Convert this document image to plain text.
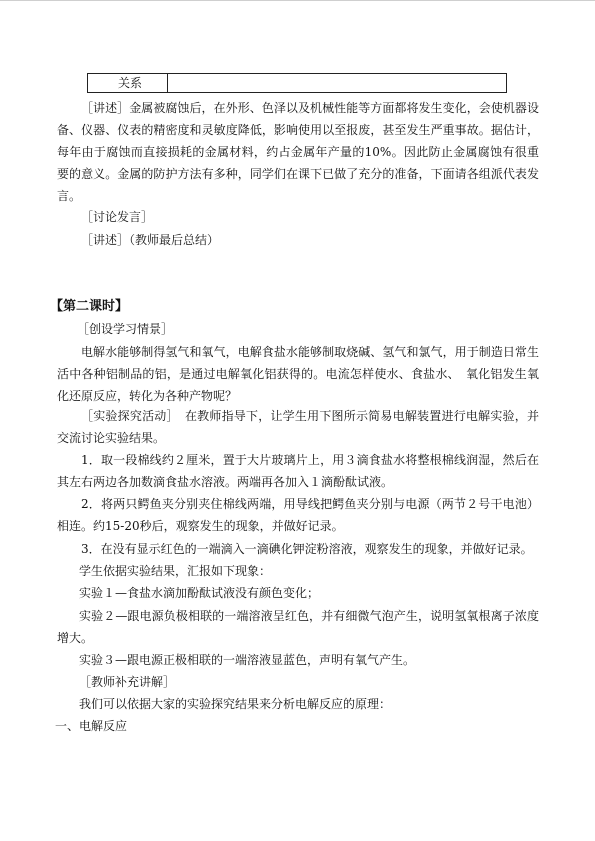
关系

［讲述］金属被腐蚀后，在外形、色泽以及机械性能等方面都将发生变化，会使机器设备、仪器、仪表的精密度和灵敏度降低，影响使用以至报废，甚至发生严重事故。据估计，每年由于腐蚀而直接损耗的金属材料，约占金属年产量的10%。因此防止金属腐蚀有很重要的意义。金属的防护方法有多种，同学们在课下已做了充分的准备，下面请各组派代表发言。

［讨论发言］

［讲述］（教师最后总结）

【第二课时】

［创设学习情景］

电解水能够制得氢气和氧气，电解食盐水能够制取烧碱、氢气和氯气，用于制造日常生活中各种铝制品的铝，是通过电解氧化铝获得的。电流怎样使水、食盐水、　氧化铝发生氧化还原反应，转化为各种产物呢？

［实验探究活动］　在教师指导下，让学生用下图所示简易电解装置进行电解实验，并交流讨论实验结果。

1．取一段棉线约２厘米，置于大片玻璃片上，用３滴食盐水将整根棉线润湿，然后在其左右两边各加数滴食盐水溶液。两端再各加入１滴酚酞试液。

2．将两只鳄鱼夹分别夹住棉线两端，用导线把鳄鱼夹分别与电源（两节２号干电池）相连。约15-20秒后，观察发生的现象，并做好记录。

3．在没有显示红色的一端滴入一滴碘化钾淀粉溶液，观察发生的现象，并做好记录。

学生依据实验结果，汇报如下现象：

实验１—食盐水滴加酚酞试液没有颜色变化；

实验２—跟电源负极相联的一端溶液呈红色，并有细微气泡产生，说明氢氧根离子浓度增大。

实验３—跟电源正极相联的一端溶液显蓝色，声明有氧气产生。

［教师补充讲解］

我们可以依据大家的实验探究结果来分析电解反应的原理：

一、电解反应
